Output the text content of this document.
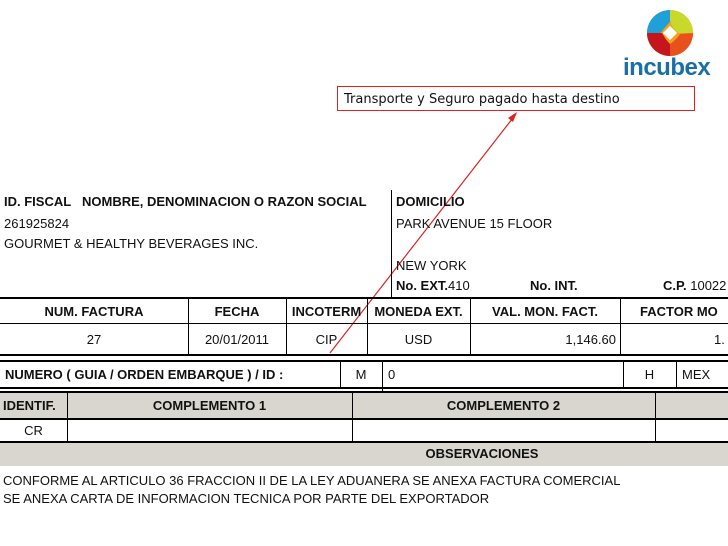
incubex
Transporte y Seguro pagado hasta destino
ID. FISCAL NOMBRE, DENOMINACION O RAZON SOCIAL
261925824
GOURMET & HEALTHY BEVERAGES INC.
DOMICILIO
PARK AVENUE 15 FLOOR
NEW YORK
No. EXT.410	No. INT.	C.P. 10022
NUM. FACTURA	FECHA	INCOTERM	MONEDA EXT.	VAL. MON. FACT.	FACTOR MO
27	20/01/2011	CIP	USD	1,146.60	1.
NUMERO ( GUIA / ORDEN EMBARQUE ) / ID :	M	0	H	MEX
IDENTIF.	COMPLEMENTO 1	COMPLEMENTO 2
CR
OBSERVACIONES
CONFORME AL ARTICULO 36 FRACCION II DE LA LEY ADUANERA SE ANEXA FACTURA COMERCIAL
SE ANEXA CARTA DE INFORMACION TECNICA POR PARTE DEL EXPORTADOR
